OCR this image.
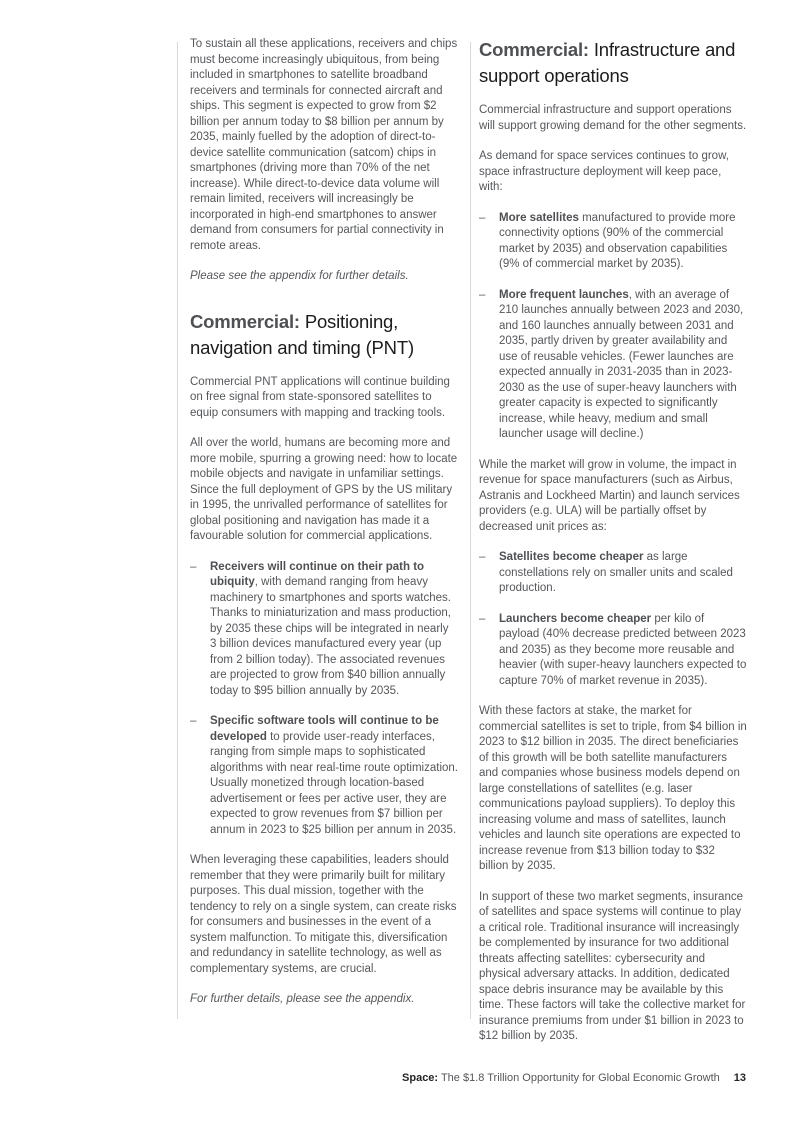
To sustain all these applications, receivers and chips must become increasingly ubiquitous, from being included in smartphones to satellite broadband receivers and terminals for connected aircraft and ships. This segment is expected to grow from $2 billion per annum today to $8 billion per annum by 2035, mainly fuelled by the adoption of direct-to-device satellite communication (satcom) chips in smartphones (driving more than 70% of the net increase). While direct-to-device data volume will remain limited, receivers will increasingly be incorporated in high-end smartphones to answer demand from consumers for partial connectivity in remote areas.

Please see the appendix for further details.

Commercial: Positioning, navigation and timing (PNT)

Commercial PNT applications will continue building on free signal from state-sponsored satellites to equip consumers with mapping and tracking tools.

All over the world, humans are becoming more and more mobile, spurring a growing need: how to locate mobile objects and navigate in unfamiliar settings. Since the full deployment of GPS by the US military in 1995, the unrivalled performance of satellites for global positioning and navigation has made it a favourable solution for commercial applications.

– Receivers will continue on their path to ubiquity, with demand ranging from heavy machinery to smartphones and sports watches. Thanks to miniaturization and mass production, by 2035 these chips will be integrated in nearly 3 billion devices manufactured every year (up from 2 billion today). The associated revenues are projected to grow from $40 billion annually today to $95 billion annually by 2035.
– Specific software tools will continue to be developed to provide user-ready interfaces, ranging from simple maps to sophisticated algorithms with near real-time route optimization. Usually monetized through location-based advertisement or fees per active user, they are expected to grow revenues from $7 billion per annum in 2023 to $25 billion per annum in 2035.

When leveraging these capabilities, leaders should remember that they were primarily built for military purposes. This dual mission, together with the tendency to rely on a single system, can create risks for consumers and businesses in the event of a system malfunction. To mitigate this, diversification and redundancy in satellite technology, as well as complementary systems, are crucial.

For further details, please see the appendix.

Commercial: Infrastructure and support operations

Commercial infrastructure and support operations will support growing demand for the other segments.

As demand for space services continues to grow, space infrastructure deployment will keep pace, with:

– More satellites manufactured to provide more connectivity options (90% of the commercial market by 2035) and observation capabilities (9% of commercial market by 2035).
– More frequent launches, with an average of 210 launches annually between 2023 and 2030, and 160 launches annually between 2031 and 2035, partly driven by greater availability and use of reusable vehicles. (Fewer launches are expected annually in 2031-2035 than in 2023-2030 as the use of super-heavy launchers with greater capacity is expected to significantly increase, while heavy, medium and small launcher usage will decline.)

While the market will grow in volume, the impact in revenue for space manufacturers (such as Airbus, Astranis and Lockheed Martin) and launch services providers (e.g. ULA) will be partially offset by decreased unit prices as:

– Satellites become cheaper as large constellations rely on smaller units and scaled production.
– Launchers become cheaper per kilo of payload (40% decrease predicted between 2023 and 2035) as they become more reusable and heavier (with super-heavy launchers expected to capture 70% of market revenue in 2035).

With these factors at stake, the market for commercial satellites is set to triple, from $4 billion in 2023 to $12 billion in 2035. The direct beneficiaries of this growth will be both satellite manufacturers and companies whose business models depend on large constellations of satellites (e.g. laser communications payload suppliers). To deploy this increasing volume and mass of satellites, launch vehicles and launch site operations are expected to increase revenue from $13 billion today to $32 billion by 2035.

In support of these two market segments, insurance of satellites and space systems will continue to play a critical role. Traditional insurance will increasingly be complemented by insurance for two additional threats affecting satellites: cybersecurity and physical adversary attacks. In addition, dedicated space debris insurance may be available by this time. These factors will take the collective market for insurance premiums from under $1 billion in 2023 to $12 billion by 2035.

Space: The $1.8 Trillion Opportunity for Global Economic Growth 13
